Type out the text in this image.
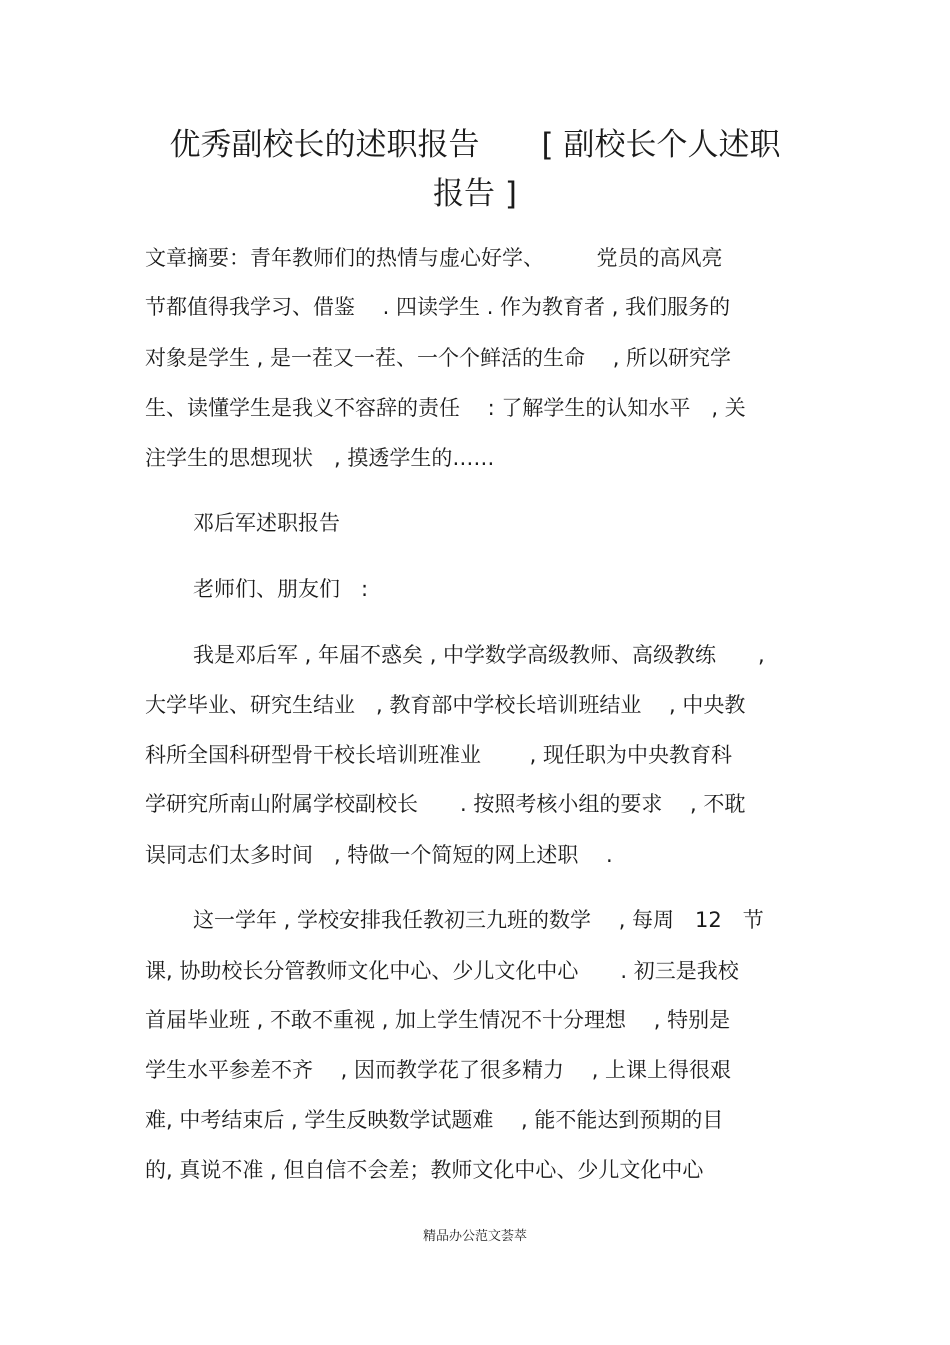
优秀副校长的述职报告　　[ 副校长个人述职
报告 ]

文章摘要：青年教师们的热情与虚心好学、　　　党员的高风亮

节都值得我学习、借鉴　 . 四读学生 . 作为教育者 , 我们服务的

对象是学生 , 是一茬又一茬、一个个鲜活的生命　 , 所以研究学

生、读懂学生是我义不容辞的责任　 : 了解学生的认知水平　, 关

注学生的思想现状　, 摸透学生的……

邓后军述职报告

老师们、朋友们　:

我是邓后军 , 年届不惑矣 , 中学数学高级教师、高级教练　　,

大学毕业、研究生结业　, 教育部中学校长培训班结业　 , 中央教

科所全国科研型骨干校长培训班准业　　 , 现任职为中央教育科

学研究所南山附属学校副校长　　. 按照考核小组的要求　 , 不耽

误同志们太多时间　, 特做一个简短的网上述职　 .

这一学年 , 学校安排我任教初三九班的数学　 , 每周　12　节

课, 协助校长分管教师文化中心、少儿文化中心　　. 初三是我校

首届毕业班 , 不敢不重视 , 加上学生情况不十分理想　 , 特别是

学生水平参差不齐　 , 因而教学花了很多精力　 , 上课上得很艰

难, 中考结束后 , 学生反映数学试题难　 , 能不能达到预期的目

的, 真说不准 , 但自信不会差；教师文化中心、少儿文化中心

精品办公范文荟萃
